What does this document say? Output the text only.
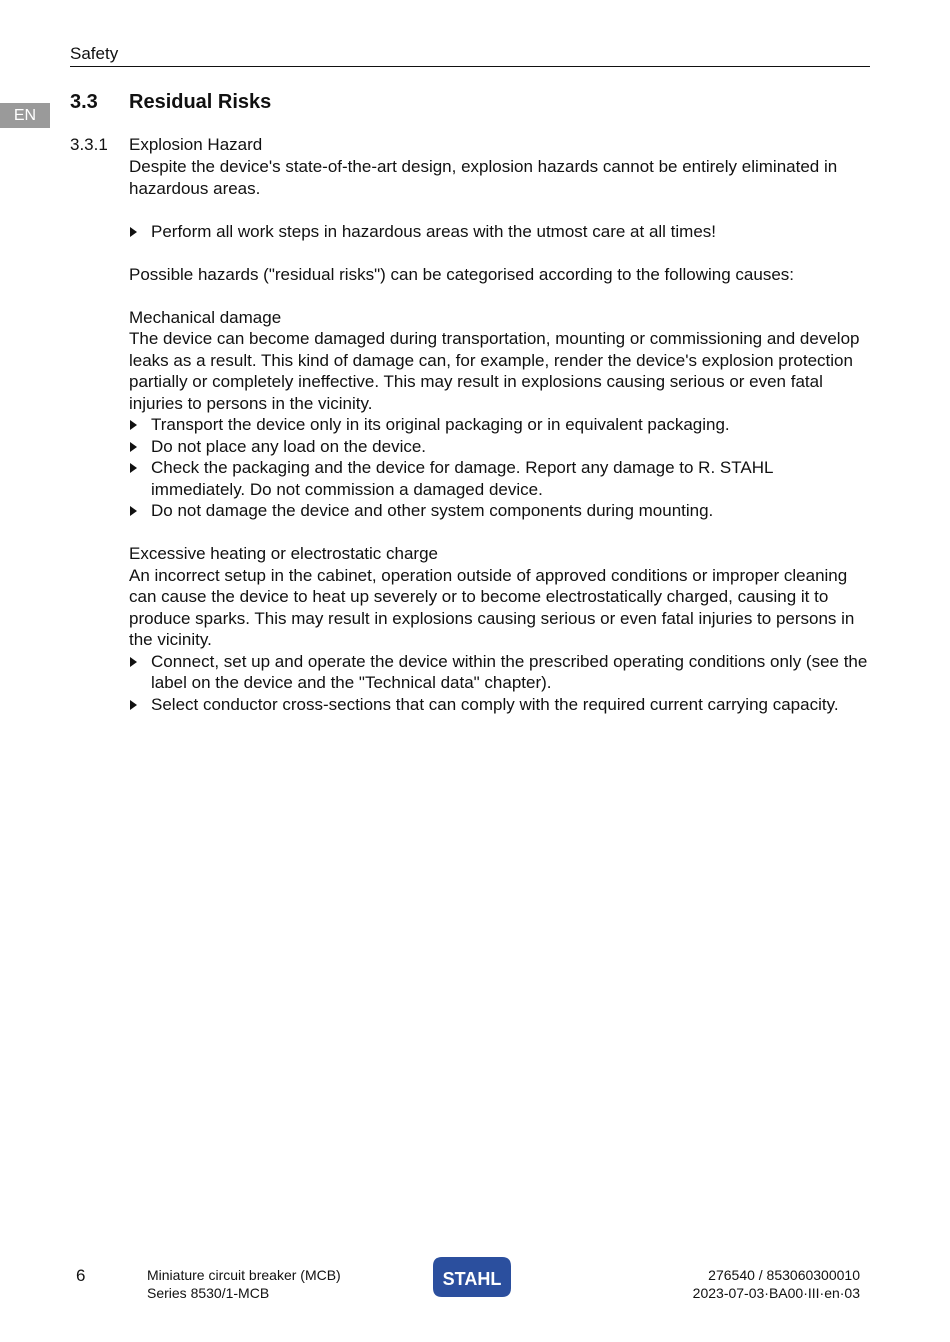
Safety
EN
3.3	Residual Risks
3.3.1 Explosion Hazard

Despite the device's state-of-the-art design, explosion hazards cannot be entirely eliminated in hazardous areas.

Perform all work steps in hazardous areas with the utmost care at all times!

Possible hazards ("residual risks") can be categorised according to the following causes:

Mechanical damage

The device can become damaged during transportation, mounting or commissioning and develop leaks as a result. This kind of damage can, for example, render the device's explosion protection partially or completely ineffective. This may result in explosions causing serious or even fatal injuries to persons in the vicinity.

Transport the device only in its original packaging or in equivalent packaging.
Do not place any load on the device.
Check the packaging and the device for damage. Report any damage to R. STAHL immediately. Do not commission a damaged device.
Do not damage the device and other system components during mounting.

Excessive heating or electrostatic charge

An incorrect setup in the cabinet, operation outside of approved conditions or improper cleaning can cause the device to heat up severely or to become electrostatically charged, causing it to produce sparks. This may result in explosions causing serious or even fatal injuries to persons in the vicinity.

Connect, set up and operate the device within the prescribed operating conditions only (see the label on the device and the "Technical data" chapter).
Select conductor cross-sections that can comply with the required current carrying capacity.
6	Miniature circuit breaker (MCB)
Series 8530/1-MCB
STAHL	276540 / 853060300010
2023-07-03·BA00·III·en·03
